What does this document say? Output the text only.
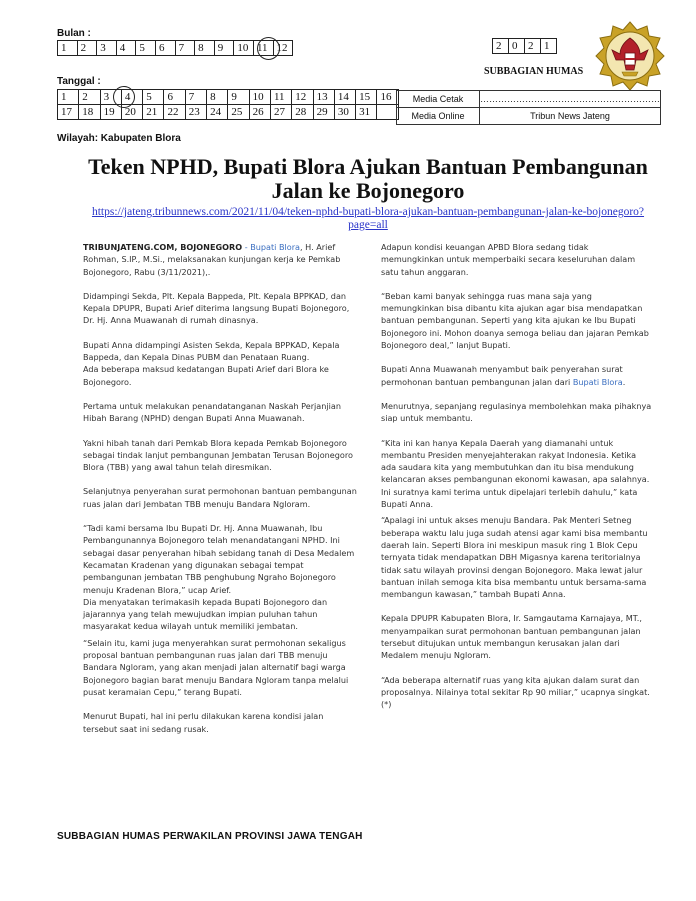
Bulan :
1	2	3	4	5	6	7	8	9	10	11	12
Tanggal :
1	2	3	4	5	6	7	8	9	10	11	12	13	14	15	16
17	18	19	20	21	22	23	24	25	26	27	28	29	30	31	
2	0	2	1
SUBBAGIAN HUMAS
Media Cetak	……………………………………………………
Media Online	Tribun News Jateng
Wilayah: Kabupaten Blora
Teken NPHD, Bupati Blora Ajukan Bantuan Pembangunan Jalan ke Bojonegoro
https://jateng.tribunnews.com/2021/11/04/teken-nphd-bupati-blora-ajukan-bantuan-pembangunan-jalan-ke-bojonegoro?page=all

TRIBUNJATENG.COM, BOJONEGORO - Bupati Blora, H. Arief Rohman, S.IP., M.Si., melaksanakan kunjungan kerja ke Pemkab Bojonegoro, Rabu (3/11/2021),.

Didampingi Sekda, Plt. Kepala Bappeda, Plt. Kepala BPPKAD, dan Kepala DPUPR, Bupati Arief diterima langsung Bupati Bojonegoro, Dr. Hj. Anna Muawanah di rumah dinasnya.

Bupati Anna didampingi Asisten Sekda, Kepala BPPKAD, Kepala Bappeda, dan Kepala Dinas PUBM dan Penataan Ruang.

Ada beberapa maksud kedatangan Bupati Arief dari Blora ke Bojonegoro.

Pertama untuk melakukan penandatanganan Naskah Perjanjian Hibah Barang (NPHD) dengan Bupati Anna Muawanah.

Yakni hibah tanah dari Pemkab Blora kepada Pemkab Bojonegoro sebagai tindak lanjut pembangunan Jembatan Terusan Bojonegoro Blora (TBB) yang awal tahun telah diresmikan.

Selanjutnya penyerahan surat permohonan bantuan pembangunan ruas jalan dari Jembatan TBB menuju Bandara Ngloram.

“Tadi kami bersama Ibu Bupati Dr. Hj. Anna Muawanah, Ibu Pembangunannya Bojonegoro telah menandatangani NPHD. Ini sebagai dasar penyerahan hibah sebidang tanah di Desa Medalem Kecamatan Kradenan yang digunakan sebagai tempat pembangunan jembatan TBB penghubung Ngraho Bojonegoro menuju Kradenan Blora,” ucap Arief.

Dia menyatakan terimakasih kepada Bupati Bojonegoro dan jajarannya yang telah mewujudkan impian puluhan tahun masyarakat kedua wilayah untuk memiliki jembatan.

“Selain itu, kami juga menyerahkan surat permohonan sekaligus proposal bantuan pembangunan ruas jalan dari TBB menuju Bandara Ngloram, yang akan menjadi jalan alternatif bagi warga Bojonegoro bagian barat menuju Bandara Ngloram tanpa melalui pusat keramaian Cepu,” terang Bupati.

Menurut Bupati, hal ini perlu dilakukan karena kondisi jalan tersebut saat ini sedang rusak.

Adapun kondisi keuangan APBD Blora sedang tidak memungkinkan untuk memperbaiki secara keseluruhan dalam satu tahun anggaran.

“Beban kami banyak sehingga ruas mana saja yang memungkinkan bisa dibantu kita ajukan agar bisa mendapatkan bantuan pembangunan. Seperti yang kita ajukan ke Ibu Bupati Bojonegoro ini. Mohon doanya semoga beliau dan jajaran Pemkab Bojonegoro deal,” lanjut Bupati.

Bupati Anna Muawanah menyambut baik penyerahan surat permohonan bantuan pembangunan jalan dari Bupati Blora.

Menurutnya, sepanjang regulasinya membolehkan maka pihaknya siap untuk membantu.

“Kita ini kan hanya Kepala Daerah yang diamanahi untuk membantu Presiden menyejahterakan rakyat Indonesia. Ketika ada saudara kita yang membutuhkan dan itu bisa mendukung kelancaran akses pembangunan ekonomi kawasan, apa salahnya. Ini suratnya kami terima untuk dipelajari terlebih dahulu,” kata Bupati Anna.

“Apalagi ini untuk akses menuju Bandara. Pak Menteri Setneg beberapa waktu lalu juga sudah atensi agar kami bisa membantu daerah lain. Seperti Blora ini meskipun masuk ring 1 Blok Cepu ternyata tidak mendapatkan DBH Migasnya karena teritorialnya tidak satu wilayah provinsi dengan Bojonegoro. Maka lewat jalur bantuan inilah semoga kita bisa membantu untuk bersama-sama membangun kawasan,” tambah Bupati Anna.

Kepala DPUPR Kabupaten Blora, Ir. Samgautama Karnajaya, MT., menyampaikan surat permohonan bantuan pembangunan jalan tersebut ditujukan untuk membangun kerusakan jalan dari Medalem menuju Ngloram.

“Ada beberapa alternatif ruas yang kita ajukan dalam surat dan proposalnya. Nilainya total sekitar Rp 90 miliar,” ucapnya singkat. (*)

SUBBAGIAN HUMAS PERWAKILAN PROVINSI JAWA TENGAH
